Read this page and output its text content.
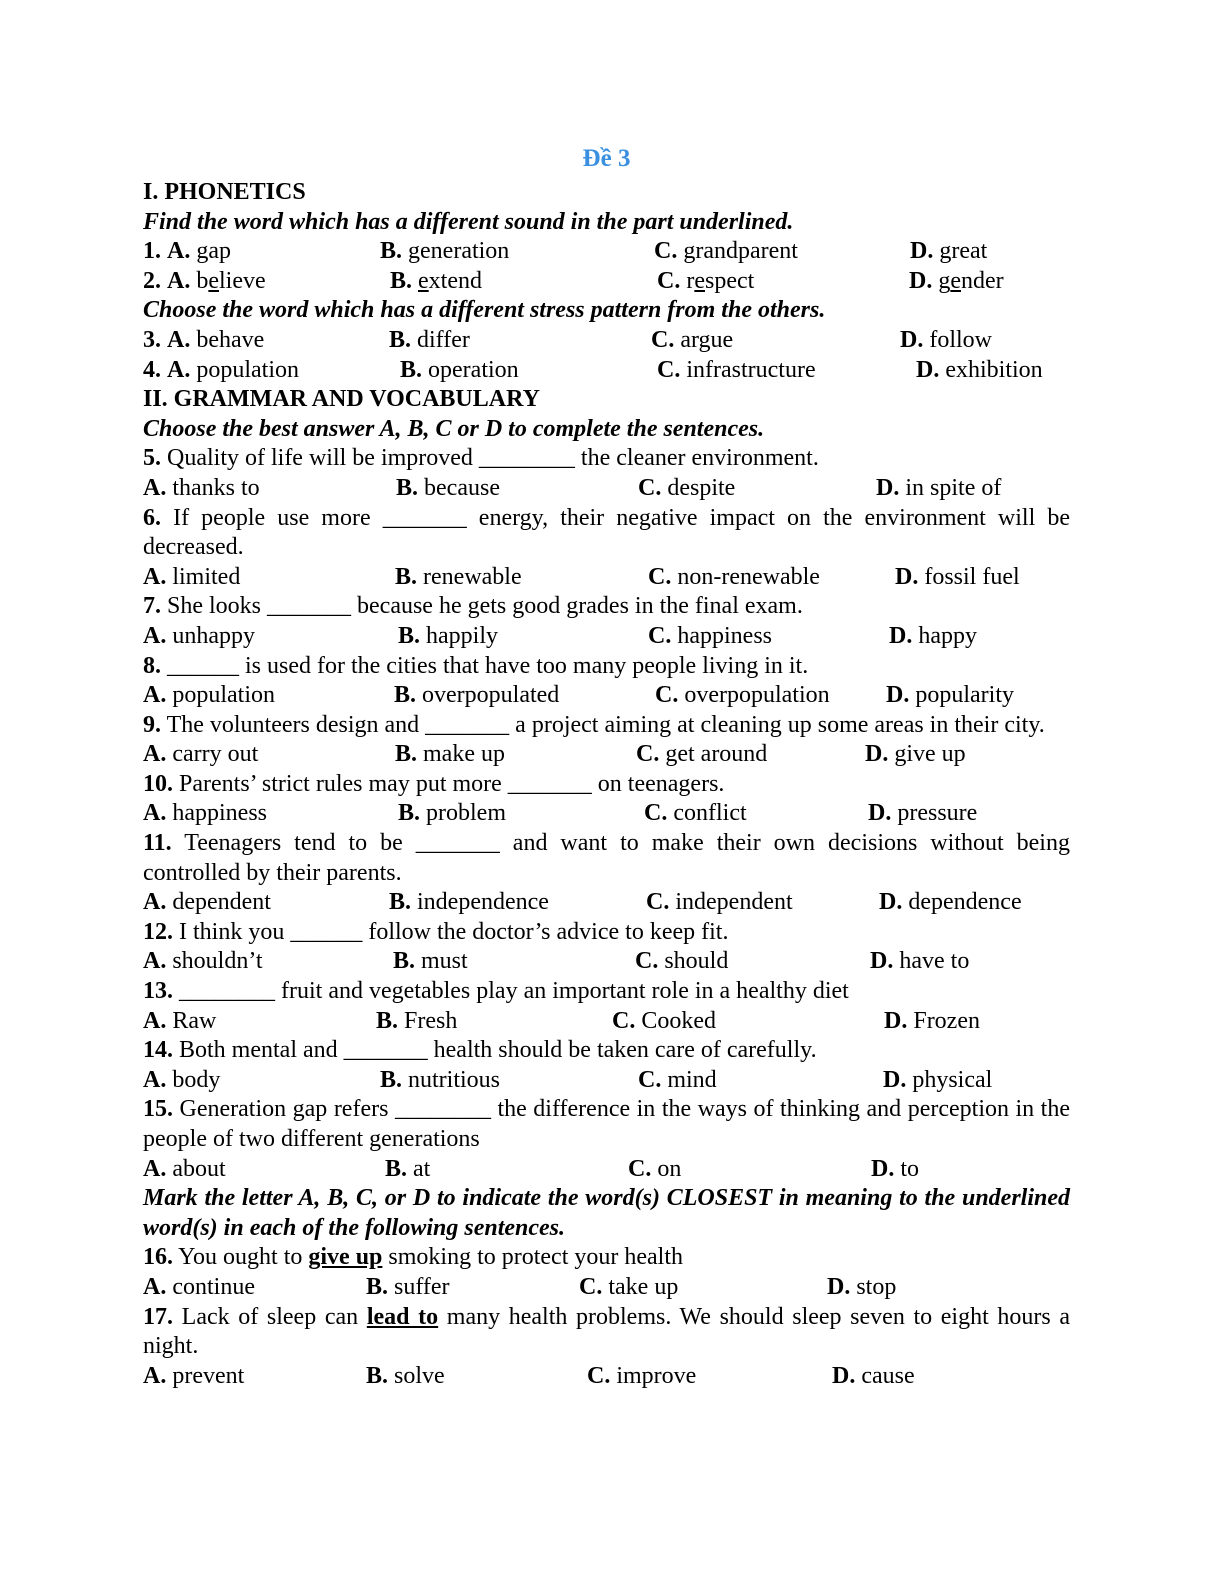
Đề 3
I. PHONETICS
Find the word which has a different sound in the part underlined.
1. A. gap	B. generation	C. grandparent	D. great
2. A. believe	B. extend	C. respect	D. gender
Choose the word which has a different stress pattern from the others.
3. A. behave	B. differ	C. argue	D. follow
4. A. population	B. operation	C. infrastructure	D. exhibition
II. GRAMMAR AND VOCABULARY
Choose the best answer A, B, C or D to complete the sentences.
5. Quality of life will be improved ________ the cleaner environment.
A. thanks to	B. because	C. despite	D. in spite of
6. If people use more _______ energy, their negative impact on the environment will be decreased.
A. limited	B. renewable	C. non-renewable	D. fossil fuel
7. She looks _______ because he gets good grades in the final exam.
A. unhappy	B. happily	C. happiness	D. happy
8. ______ is used for the cities that have too many people living in it.
A. population	B. overpopulated	C. overpopulation D. popularity
9. The volunteers design and _______ a project aiming at cleaning up some areas in their city.
A. carry out	B. make up	C. get around	D. give up
10. Parents’ strict rules may put more _______ on teenagers.
A. happiness	B. problem	C. conflict	D. pressure
11. Teenagers tend to be _______ and want to make their own decisions without being controlled by their parents.
A. dependent	B. independence	C. independent	D. dependence
12. I think you ______ follow the doctor’s advice to keep fit.
A. shouldn’t	B. must	C. should	D. have to
13. ________ fruit and vegetables play an important role in a healthy diet
A. Raw	B. Fresh	C. Cooked	D. Frozen
14. Both mental and _______ health should be taken care of carefully.
A. body	B. nutritious	C. mind	D. physical
15. Generation gap refers ________ the difference in the ways of thinking and perception in the people of two different generations
A. about	B. at	C. on	D. to
Mark the letter A, B, C, or D to indicate the word(s) CLOSEST in meaning to the underlined word(s) in each of the following sentences.
16. You ought to give up smoking to protect your health
A. continue	B. suffer	C. take up	D. stop
17. Lack of sleep can lead to many health problems. We should sleep seven to eight hours a night.
A. prevent	B. solve	C. improve	D. cause
